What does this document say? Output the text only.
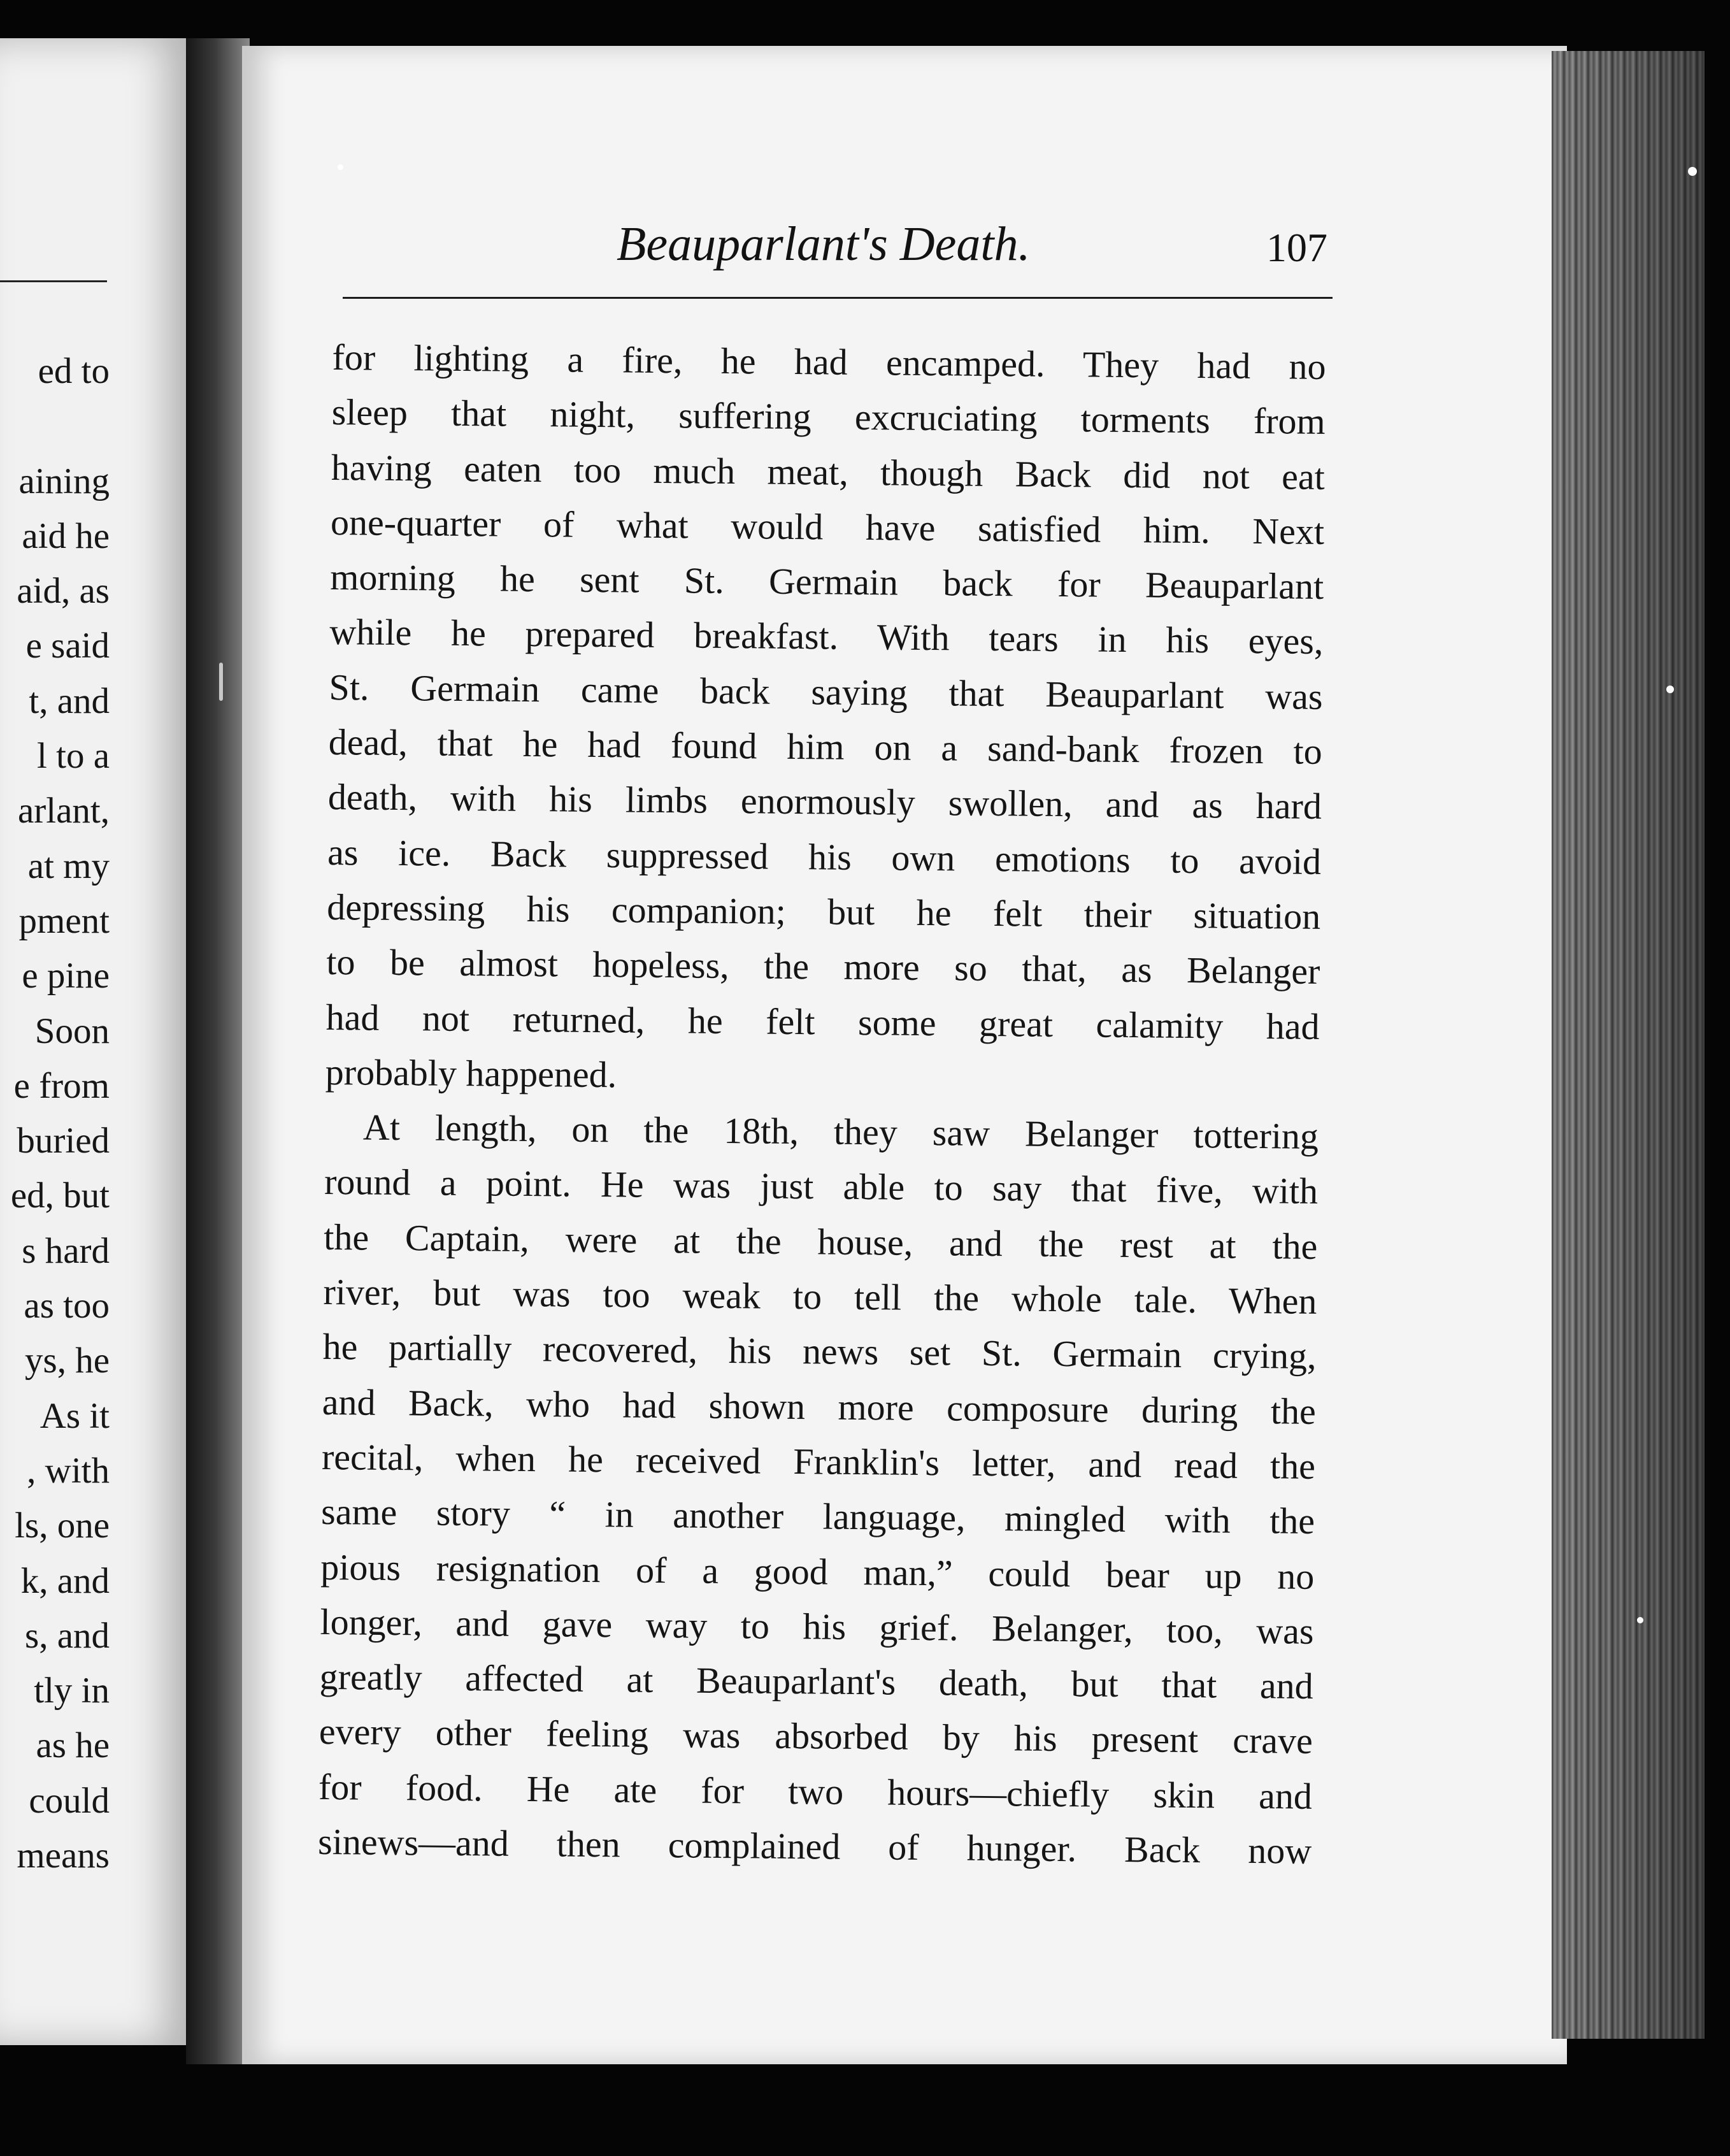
ed to
aining
aid he
aid, as
e said
t, and
l to a
arlant,
at my
pment
e pine
Soon
e from
buried
ed, but
s hard
as too
ys, he
As it
, with
ls, one
k, and
s, and
tly in
as he
could
means
Beauparlant's Death.	107
for lighting a fire, he had encamped. They had no
sleep that night, suffering excruciating torments from
having eaten too much meat, though Back did not eat
one-quarter of what would have satisfied him. Next
morning he sent St. Germain back for Beauparlant
while he prepared breakfast. With tears in his eyes,
St. Germain came back saying that Beauparlant was
dead, that he had found him on a sand-bank frozen to
death, with his limbs enormously swollen, and as hard
as ice. Back suppressed his own emotions to avoid
depressing his companion; but he felt their situation
to be almost hopeless, the more so that, as Belanger
had not returned, he felt some great calamity had
probably happened.
At length, on the 18th, they saw Belanger tottering
round a point. He was just able to say that five, with
the Captain, were at the house, and the rest at the
river, but was too weak to tell the whole tale. When
he partially recovered, his news set St. Germain crying,
and Back, who had shown more composure during the
recital, when he received Franklin's letter, and read the
same story “ in another language, mingled with the
pious resignation of a good man,” could bear up no
longer, and gave way to his grief. Belanger, too, was
greatly affected at Beauparlant's death, but that and
every other feeling was absorbed by his present crave
for food. He ate for two hours—chiefly skin and
sinews—and then complained of hunger. Back now
